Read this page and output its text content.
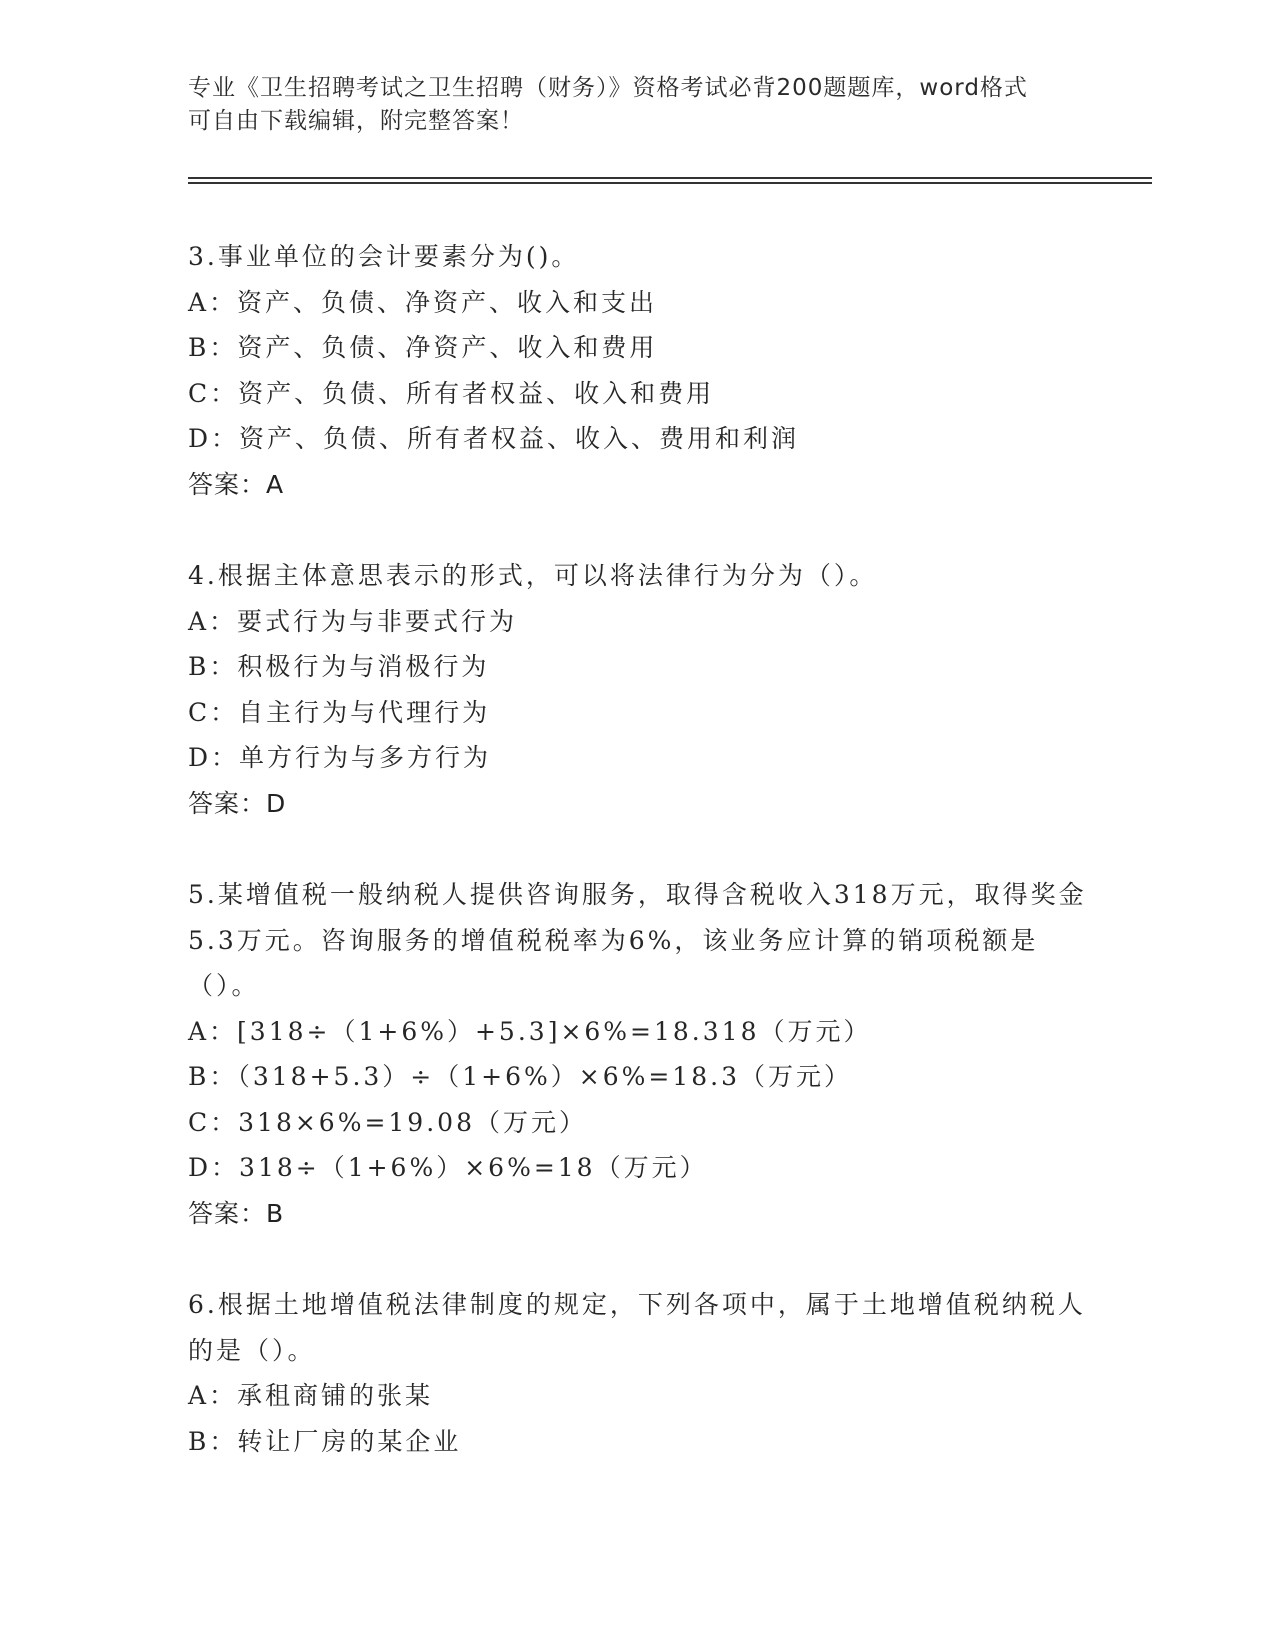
专业《卫生招聘考试之卫生招聘（财务）》资格考试必背200题题库，word格式
可自由下载编辑，附完整答案！

3.事业单位的会计要素分为()。

A：资产、负债、净资产、收入和支出

B：资产、负债、净资产、收入和费用

C：资产、负债、所有者权益、收入和费用

D：资产、负债、所有者权益、收入、费用和利润

答案：A

4.根据主体意思表示的形式，可以将法律行为分为（）。

A：要式行为与非要式行为

B：积极行为与消极行为

C：自主行为与代理行为

D：单方行为与多方行为

答案：D

5.某增值税一般纳税人提供咨询服务，取得含税收入318万元，取得奖金5.3万元。咨询服务的增值税税率为6%，该业务应计算的销项税额是（）。

A：[318÷（1+6%）+5.3]×6%=18.318（万元）

B：（318+5.3）÷（1+6%）×6%=18.3（万元）

C：318×6%=19.08（万元）

D：318÷（1+6%）×6%=18（万元）

答案：B

6.根据土地增值税法律制度的规定，下列各项中，属于土地增值税纳税人的是（）。

A：承租商铺的张某

B：转让厂房的某企业
